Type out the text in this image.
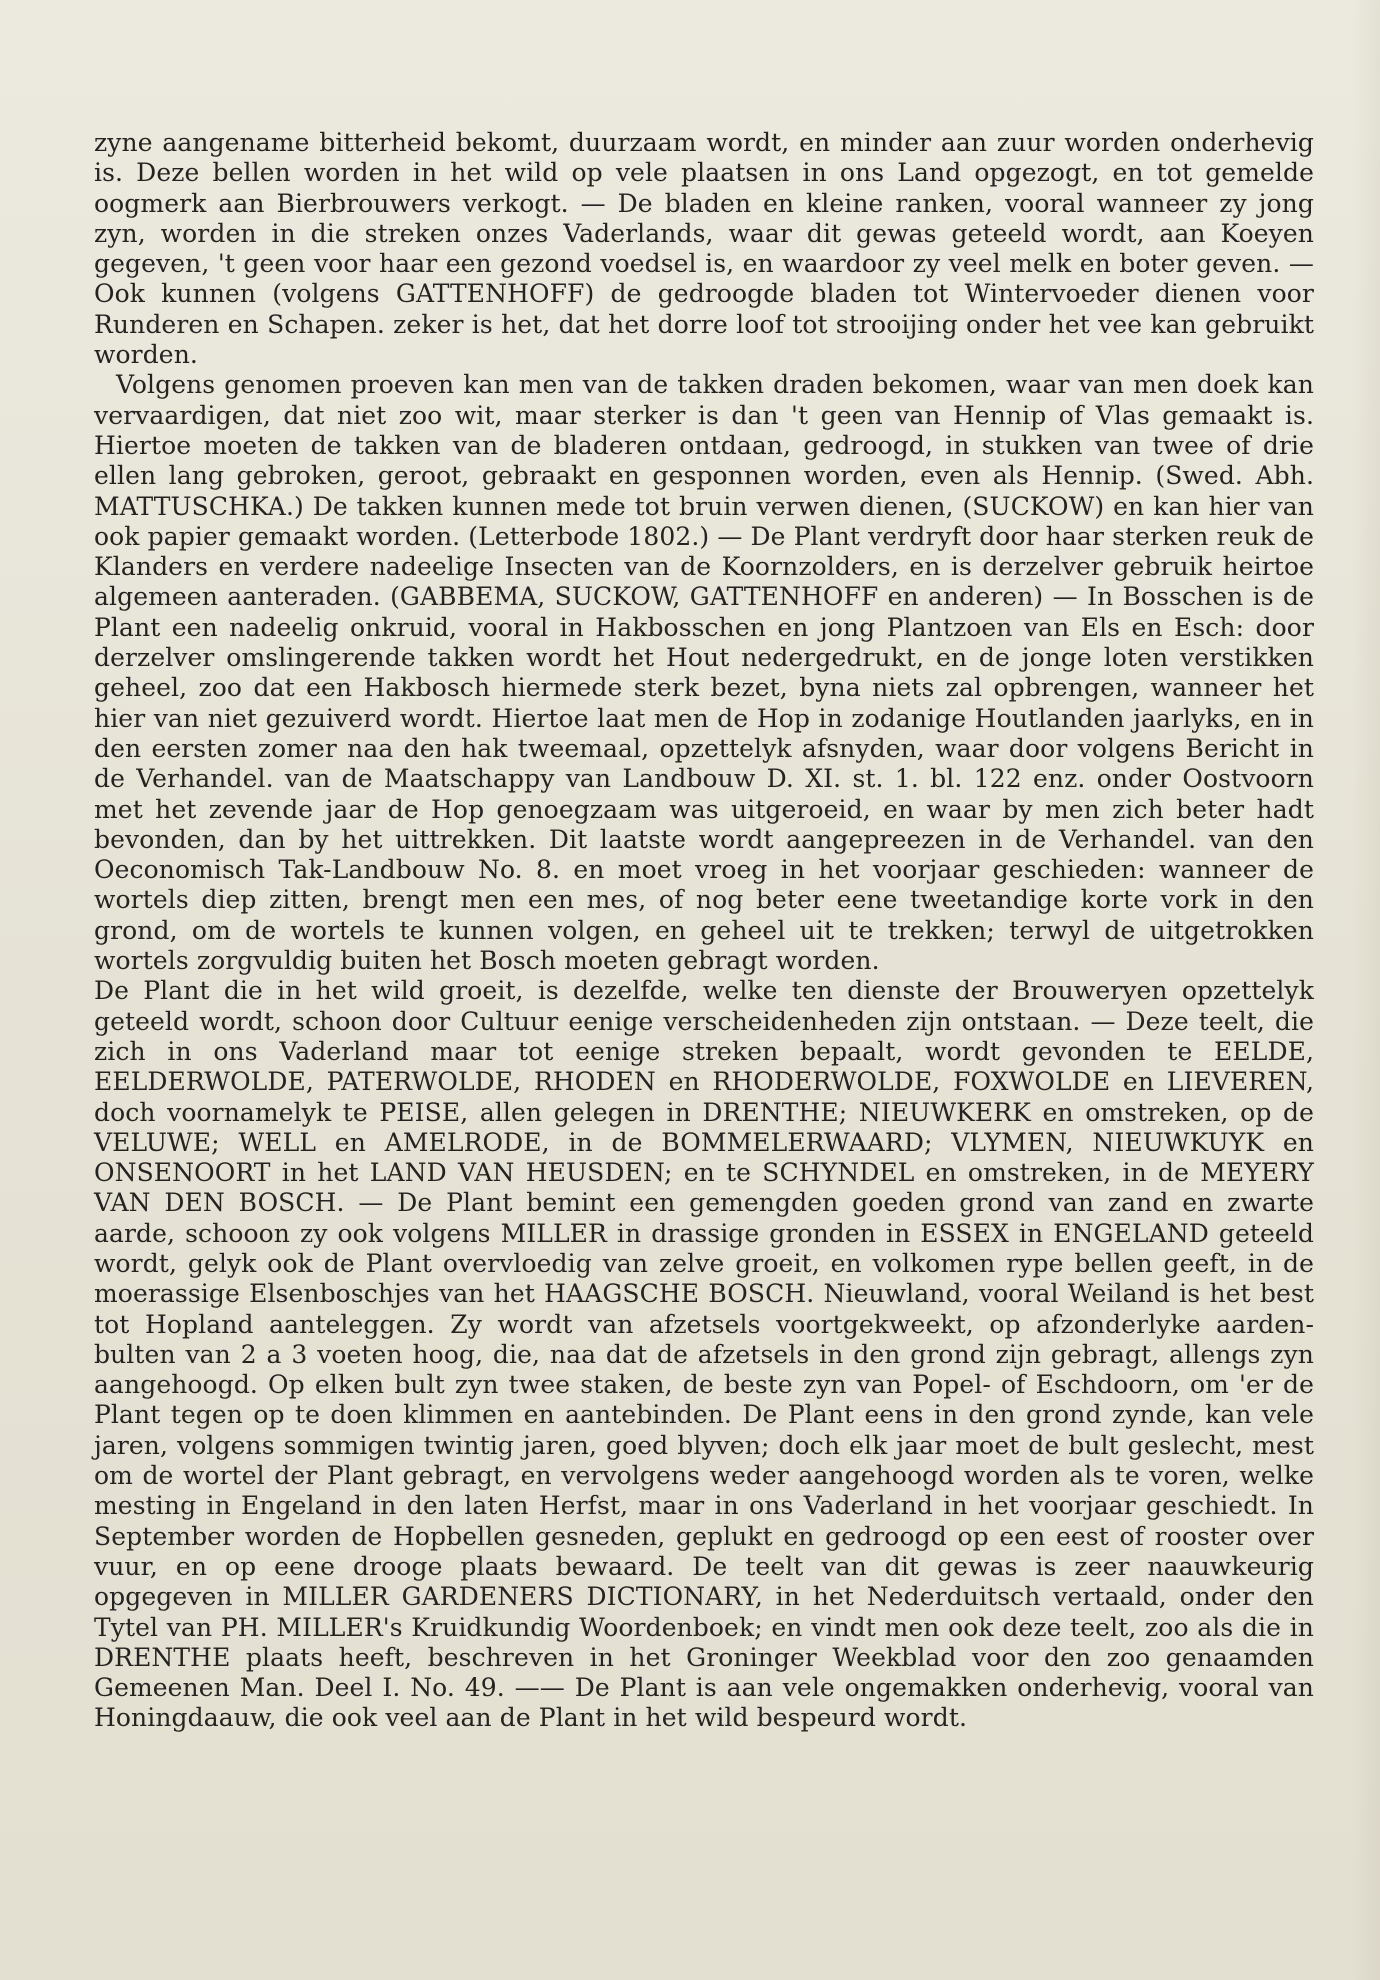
zyne aangename bitterheid bekomt, duurzaam wordt, en minder aan zuur worden onderhevig is. Deze bellen worden in het wild op vele plaatsen in ons Land opgezogt, en tot gemelde oogmerk aan Bierbrouwers verkogt. — De bladen en kleine ranken, vooral wanneer zy jong zyn, worden in die streken onzes Vaderlands, waar dit gewas geteeld wordt, aan Koeyen gegeven, 't geen voor haar een gezond voedsel is, en waardoor zy veel melk en boter geven. — Ook kunnen (volgens GATTENHOFF) de gedroogde bladen tot Wintervoeder dienen voor Runderen en Schapen. zeker is het, dat het dorre loof tot strooijing onder het vee kan gebruikt worden.

Volgens genomen proeven kan men van de takken draden bekomen, waar van men doek kan vervaardigen, dat niet zoo wit, maar sterker is dan 't geen van Hennip of Vlas gemaakt is. Hiertoe moeten de takken van de bladeren ontdaan, gedroogd, in stukken van twee of drie ellen lang gebroken, geroot, gebraakt en gesponnen worden, even als Hennip. (Swed. Abh. MATTUSCHKA.) De takken kunnen mede tot bruin verwen dienen, (SUCKOW) en kan hier van ook papier gemaakt worden. (Letterbode 1802.) — De Plant verdryft door haar sterken reuk de Klanders en verdere nadeelige Insecten van de Koornzolders, en is derzelver gebruik heirtoe algemeen aanteraden. (GABBEMA, SUCKOW, GATTENHOFF en anderen) — In Bosschen is de Plant een nadeelig onkruid, vooral in Hakbosschen en jong Plantzoen van Els en Esch: door derzelver omslingerende takken wordt het Hout nedergedrukt, en de jonge loten verstikken geheel, zoo dat een Hakbosch hiermede sterk bezet, byna niets zal opbrengen, wanneer het hier van niet gezuiverd wordt. Hiertoe laat men de Hop in zodanige Houtlanden jaarlyks, en in den eersten zomer naa den hak tweemaal, opzettelyk afsnyden, waar door volgens Bericht in de Verhandel. van de Maatschappy van Landbouw D. XI. st. 1. bl. 122 enz. onder Oostvoorn met het zevende jaar de Hop genoegzaam was uitgeroeid, en waar by men zich beter hadt bevonden, dan by het uittrekken. Dit laatste wordt aangepreezen in de Verhandel. van den Oeconomisch Tak-Landbouw No. 8. en moet vroeg in het voorjaar geschieden: wanneer de wortels diep zitten, brengt men een mes, of nog beter eene tweetandige korte vork in den grond, om de wortels te kunnen volgen, en geheel uit te trekken; terwyl de uitgetrokken wortels zorgvuldig buiten het Bosch moeten gebragt worden.

De Plant die in het wild groeit, is dezelfde, welke ten dienste der Brouweryen opzettelyk geteeld wordt, schoon door Cultuur eenige verscheidenheden zijn ontstaan. — Deze teelt, die zich in ons Vaderland maar tot eenige streken bepaalt, wordt gevonden te EELDE, EELDERWOLDE, PATERWOLDE, RHODEN en RHODERWOLDE, FOXWOLDE en LIEVEREN, doch voornamelyk te PEISE, allen gelegen in DRENTHE; NIEUWKERK en omstreken, op de VELUWE; WELL en AMELRODE, in de BOMMELERWAARD; VLYMEN, NIEUWKUYK en ONSENOORT in het LAND VAN HEUSDEN; en te SCHYNDEL en omstreken, in de MEYERY VAN DEN BOSCH. — De Plant bemint een gemengden goeden grond van zand en zwarte aarde, schooon zy ook volgens MILLER in drassige gronden in ESSEX in ENGELAND geteeld wordt, gelyk ook de Plant overvloedig van zelve groeit, en volkomen rype bellen geeft, in de moerassige Elsenboschjes van het HAAGSCHE BOSCH. Nieuwland, vooral Weiland is het best tot Hopland aanteleggen. Zy wordt van afzetsels voortgekweekt, op afzonderlyke aarden-bulten van 2 a 3 voeten hoog, die, naa dat de afzetsels in den grond zijn gebragt, allengs zyn aangehoogd. Op elken bult zyn twee staken, de beste zyn van Popel- of Eschdoorn, om 'er de Plant tegen op te doen klimmen en aantebinden. De Plant eens in den grond zynde, kan vele jaren, volgens sommigen twintig jaren, goed blyven; doch elk jaar moet de bult geslecht, mest om de wortel der Plant gebragt, en vervolgens weder aangehoogd worden als te voren, welke mesting in Engeland in den laten Herfst, maar in ons Vaderland in het voorjaar geschiedt. In September worden de Hopbellen gesneden, geplukt en gedroogd op een eest of rooster over vuur, en op eene drooge plaats bewaard. De teelt van dit gewas is zeer naauwkeurig opgegeven in MILLER GARDENERS DICTIONARY, in het Nederduitsch vertaald, onder den Tytel van PH. MILLER's Kruidkundig Woordenboek; en vindt men ook deze teelt, zoo als die in DRENTHE plaats heeft, beschreven in het Groninger Weekblad voor den zoo genaamden Gemeenen Man. Deel I. No. 49. —— De Plant is aan vele ongemakken onderhevig, vooral van Honingdaauw, die ook veel aan de Plant in het wild bespeurd wordt.
